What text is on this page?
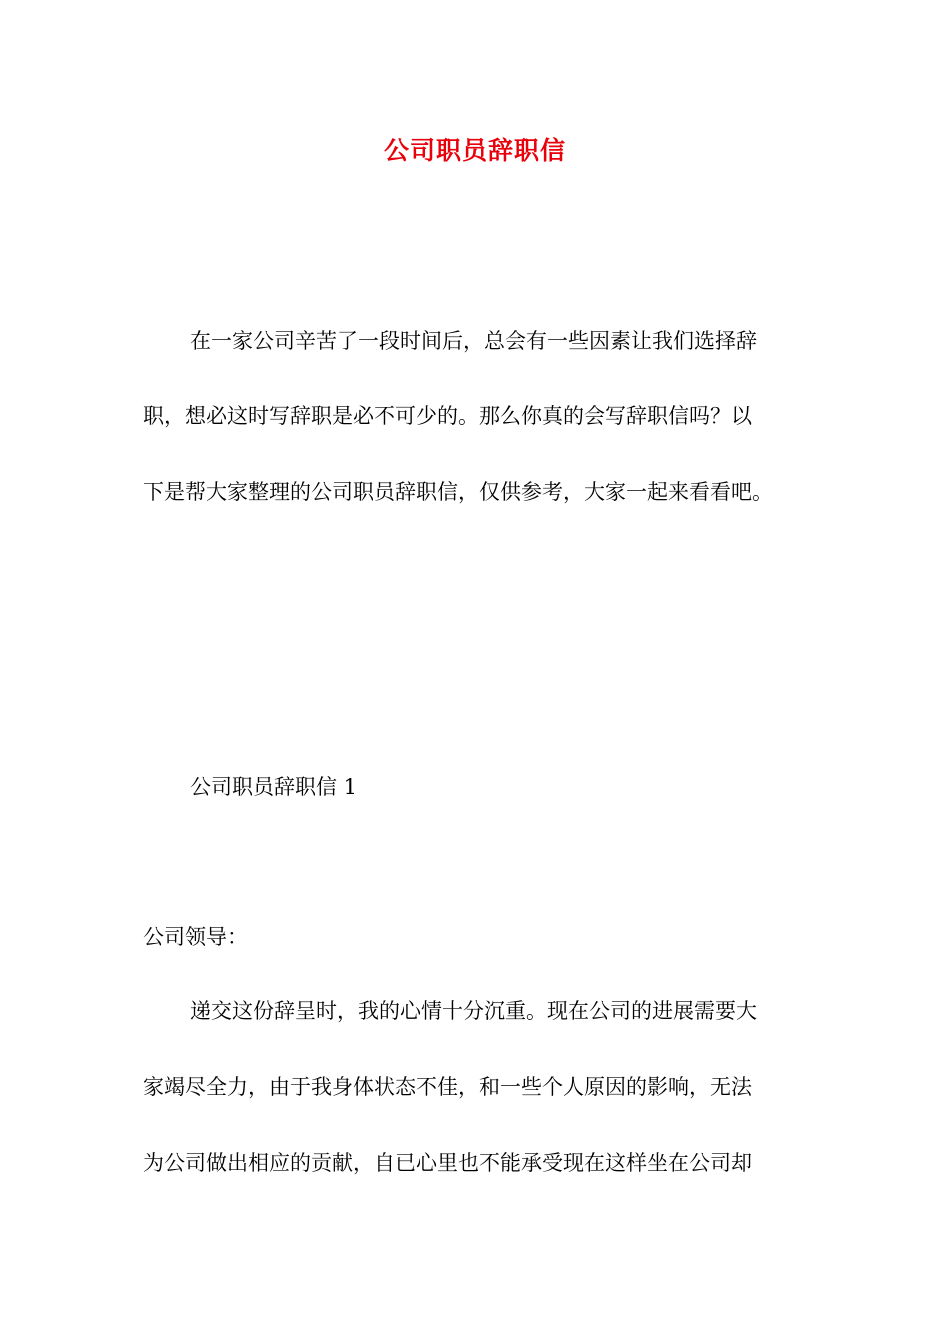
公司职员辞职信
在一家公司辛苦了一段时间后，总会有一些因素让我们选择辞
职，想必这时写辞职是必不可少的。那么你真的会写辞职信吗？以
下是帮大家整理的公司职员辞职信，仅供参考，大家一起来看看吧。
公司职员辞职信 1
公司领导：
递交这份辞呈时，我的心情十分沉重。现在公司的进展需要大
家竭尽全力，由于我身体状态不佳，和一些个人原因的影响，无法
为公司做出相应的贡献，自已心里也不能承受现在这样坐在公司却
